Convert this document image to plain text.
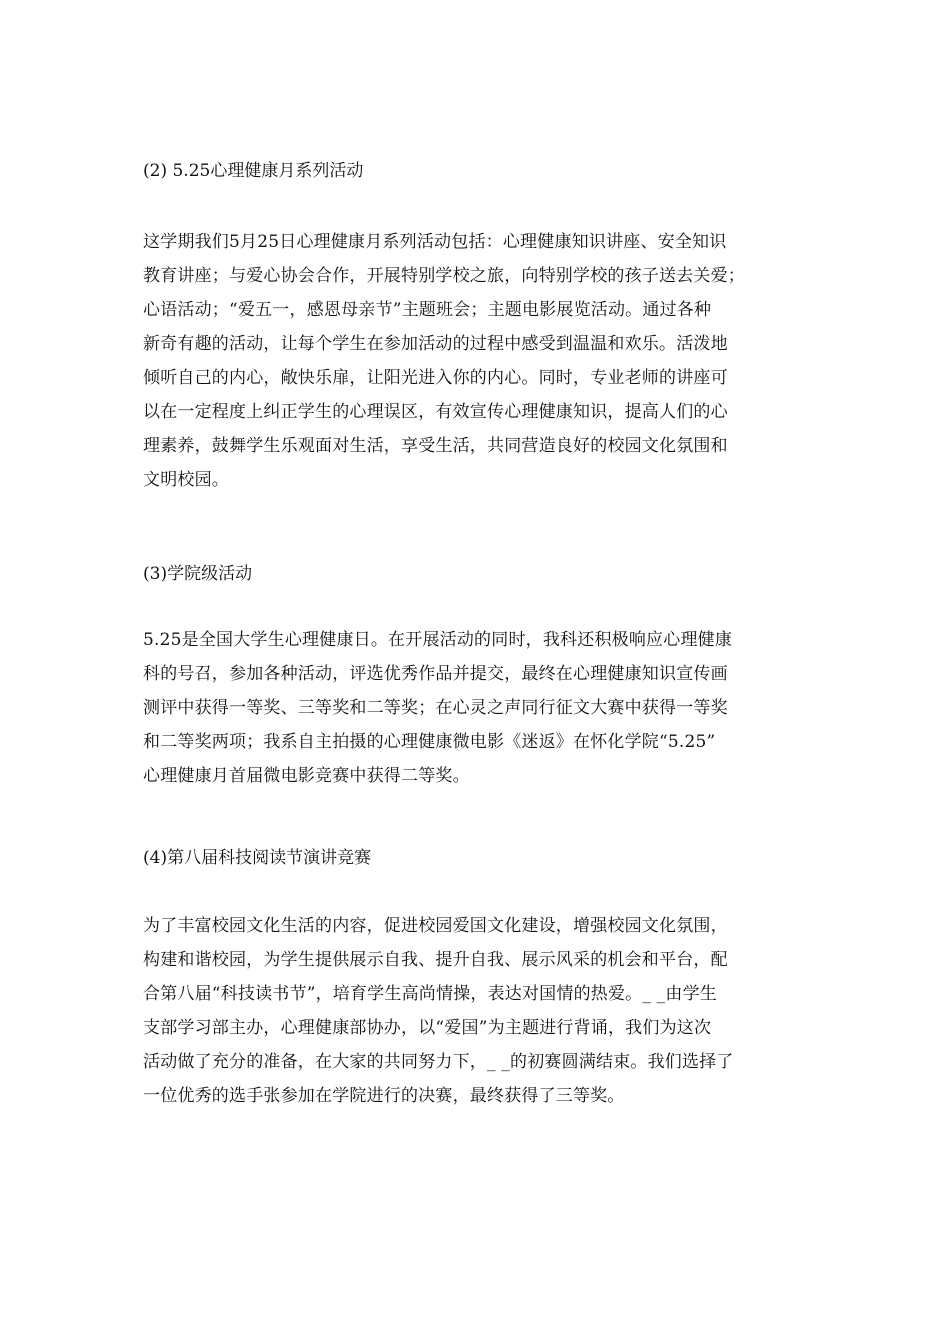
(2) 5.25心理健康月系列活动
这学期我们5月25日心理健康月系列活动包括：心理健康知识讲座、安全知识
教育讲座；与爱心协会合作，开展特别学校之旅，向特别学校的孩子送去关爱；
心语活动；“爱五一，感恩母亲节”主题班会；主题电影展览活动。通过各种
新奇有趣的活动，让每个学生在参加活动的过程中感受到温温和欢乐。活泼地
倾听自己的内心，敞快乐扉，让阳光进入你的内心。同时，专业老师的讲座可
以在一定程度上纠正学生的心理误区，有效宣传心理健康知识，提高人们的心
理素养，鼓舞学生乐观面对生活，享受生活，共同营造良好的校园文化氛围和
文明校园。
(3)学院级活动
5.25是全国大学生心理健康日。在开展活动的同时，我科还积极响应心理健康
科的号召，参加各种活动，评选优秀作品并提交，最终在心理健康知识宣传画
测评中获得一等奖、三等奖和二等奖；在心灵之声同行征文大赛中获得一等奖
和二等奖两项；我系自主拍摄的心理健康微电影《迷返》在怀化学院“5.25”
心理健康月首届微电影竞赛中获得二等奖。
(4)第八届科技阅读节演讲竞赛
为了丰富校园文化生活的内容，促进校园爱国文化建设，增强校园文化氛围，
构建和谐校园，为学生提供展示自我、提升自我、展示风采的机会和平台，配
合第八届“科技读书节”，培育学生高尚情操，表达对国情的热爱。_ _由学生
支部学习部主办，心理健康部协办，以“爱国”为主题进行背诵，我们为这次
活动做了充分的准备，在大家的共同努力下，_ _的初赛圆满结束。我们选择了
一位优秀的选手张参加在学院进行的决赛，最终获得了三等奖。
